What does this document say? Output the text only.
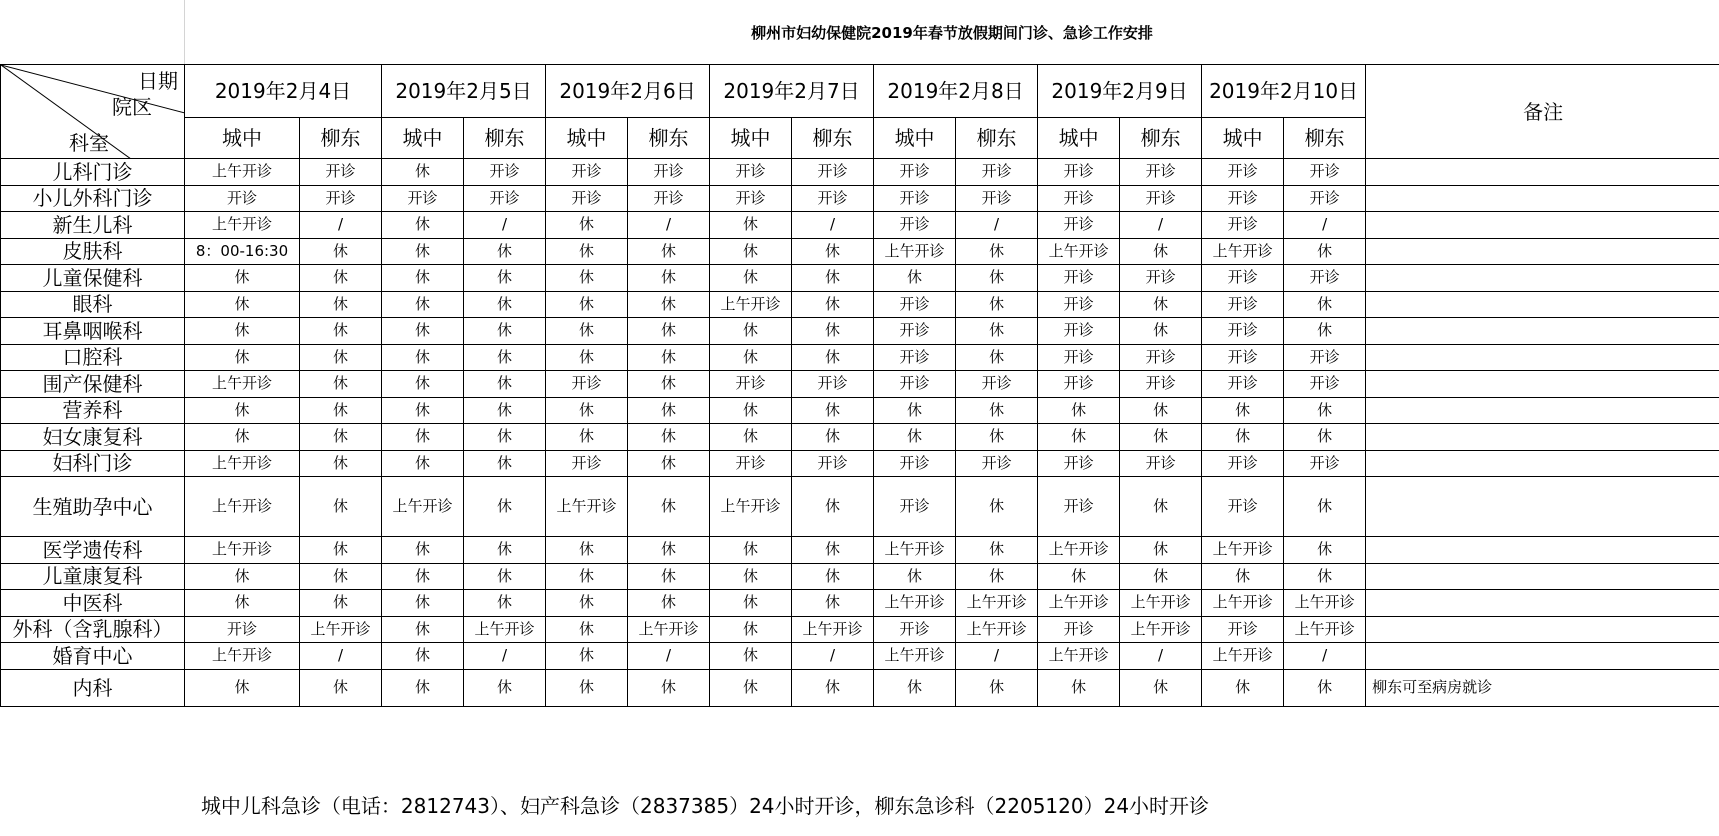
柳州市妇幼保健院2019年春节放假期间门诊、急诊工作安排
日期
院区
科室	2019年2月4日		2019年2月5日		2019年2月6日		2019年2月7日		2019年2月8日		2019年2月9日		2019年2月10日		备注
	城中	柳东	城中	柳东	城中	柳东	城中	柳东	城中	柳东	城中	柳东	城中	柳东	
儿科门诊	上午开诊	开诊	休	开诊	开诊	开诊	开诊	开诊	开诊	开诊	开诊	开诊	开诊	开诊	
小儿外科门诊	开诊	开诊	开诊	开诊	开诊	开诊	开诊	开诊	开诊	开诊	开诊	开诊	开诊	开诊	
新生儿科	上午开诊	/	休	/	休	/	休	/	开诊	/	开诊	/	开诊	/	
皮肤科	8：00-16:30	休	休	休	休	休	休	休	上午开诊	休	上午开诊	休	上午开诊	休	
儿童保健科	休	休	休	休	休	休	休	休	休	休	开诊	开诊	开诊	开诊	
眼科	休	休	休	休	休	休	上午开诊	休	开诊	休	开诊	休	开诊	休	
耳鼻咽喉科	休	休	休	休	休	休	休	休	开诊	休	开诊	休	开诊	休	
口腔科	休	休	休	休	休	休	休	休	开诊	休	开诊	开诊	开诊	开诊	
围产保健科	上午开诊	休	休	休	开诊	休	开诊	开诊	开诊	开诊	开诊	开诊	开诊	开诊	
营养科	休	休	休	休	休	休	休	休	休	休	休	休	休	休	
妇女康复科	休	休	休	休	休	休	休	休	休	休	休	休	休	休	
妇科门诊	上午开诊	休	休	休	开诊	休	开诊	开诊	开诊	开诊	开诊	开诊	开诊	开诊	
生殖助孕中心	上午开诊	休	上午开诊	休	上午开诊	休	上午开诊	休	开诊	休	开诊	休	开诊	休	
医学遗传科	上午开诊	休	休	休	休	休	休	休	上午开诊	休	上午开诊	休	上午开诊	休	
儿童康复科	休	休	休	休	休	休	休	休	休	休	休	休	休	休	
中医科	休	休	休	休	休	休	休	休	上午开诊	上午开诊	上午开诊	上午开诊	上午开诊	上午开诊	
外科（含乳腺科）	开诊	上午开诊	休	上午开诊	休	上午开诊	休	上午开诊	开诊	上午开诊	开诊	上午开诊	开诊	上午开诊	
婚育中心	上午开诊	/	休	/	休	/	休	/	上午开诊	/	上午开诊	/	上午开诊	/	
内科	休	休	休	休	休	休	休	休	休	休	休	休	休	休	柳东可至病房就诊
城中儿科急诊（电话：2812743）、妇产科急诊（2837385）24小时开诊，柳东急诊科（2205120）24小时开诊
